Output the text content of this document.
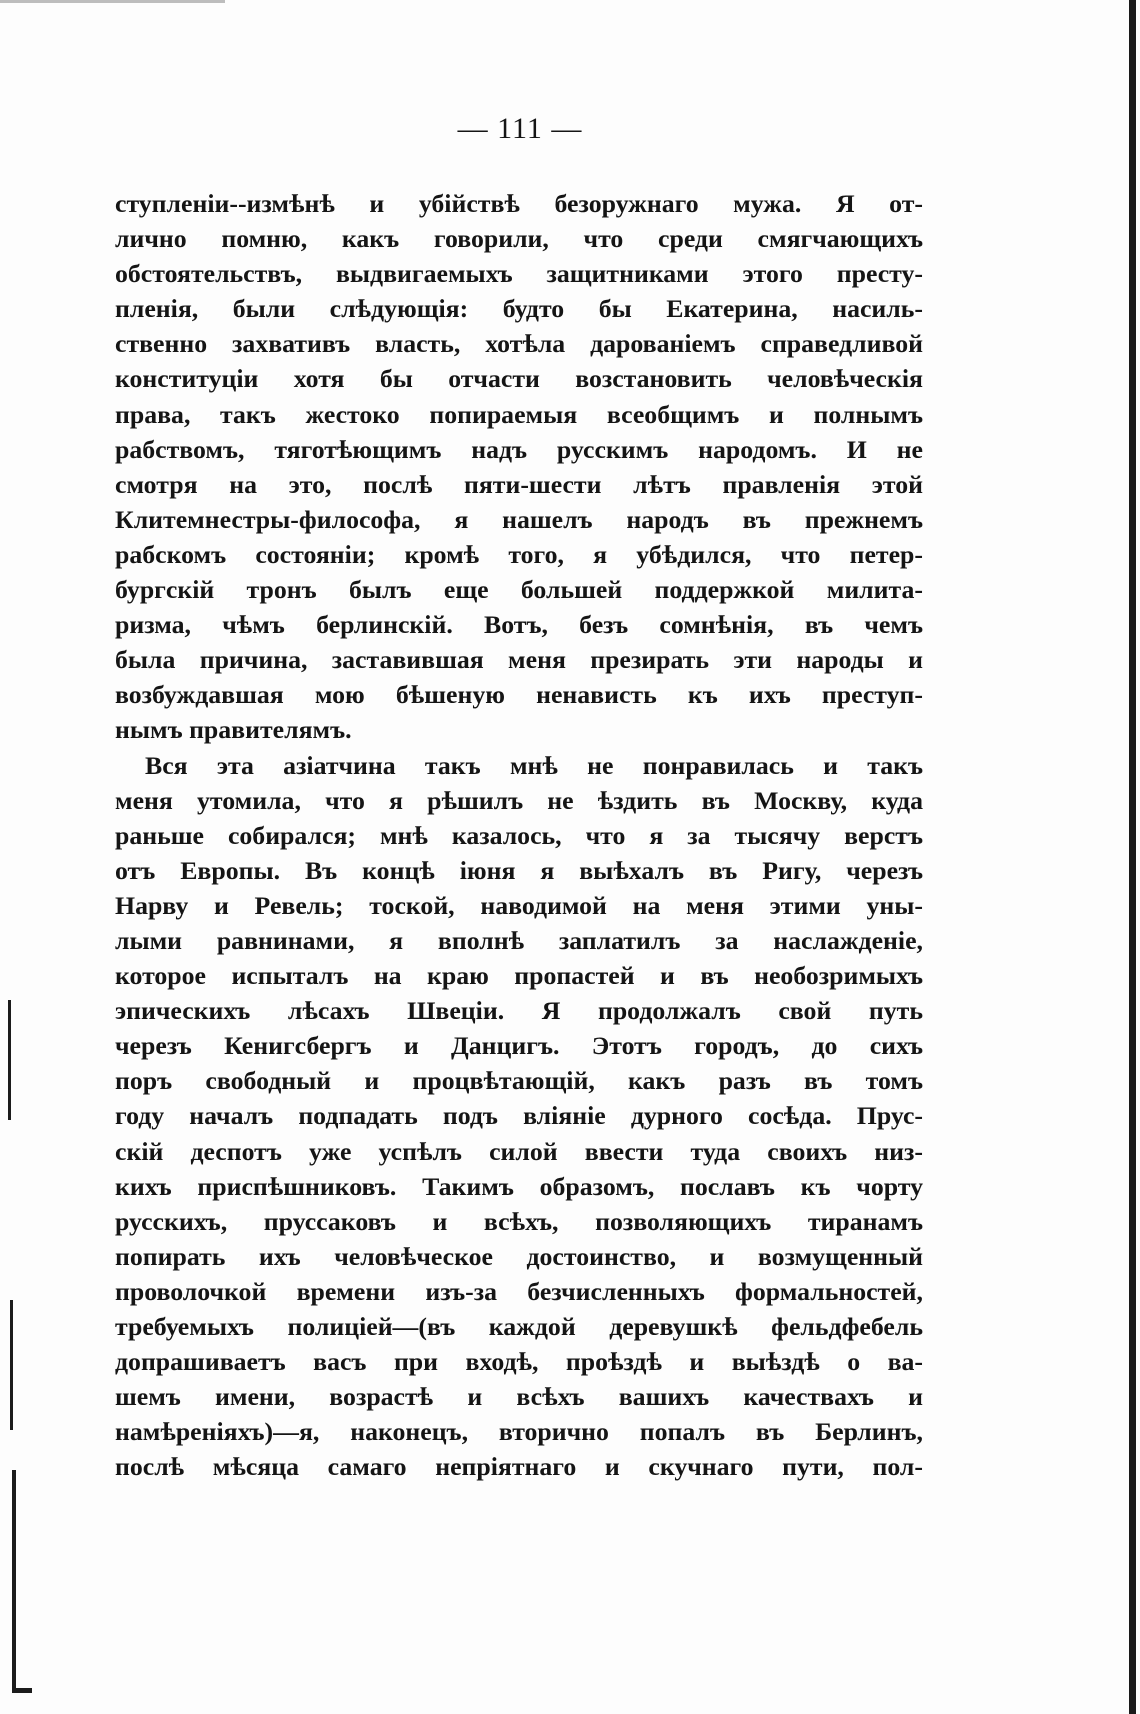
— 111 —
ступленіи--измѣнѣ и убійствѣ безоружнаго мужа. Я от-
лично помню, какъ говорили, что среди смягчающихъ
обстоятельствъ, выдвигаемыхъ защитниками этого престу-
пленія, были слѣдующія: будто бы Екатерина, насиль-
ственно захвативъ власть, хотѣла дарованіемъ справедливой
конституціи хотя бы отчасти возстановить человѣческія
права, такъ жестоко попираемыя всеобщимъ и полнымъ
рабствомъ, тяготѣющимъ надъ русскимъ народомъ. И не
смотря на это, послѣ пяти-шести лѣтъ правленія этой
Клитемнестры-философа, я нашелъ народъ въ прежнемъ
рабскомъ состояніи; кромѣ того, я убѣдился, что петер-
бургскій тронъ былъ еще большей поддержкой милита-
ризма, чѣмъ берлинскій. Вотъ, безъ сомнѣнія, въ чемъ
была причина, заставившая меня презирать эти народы и
возбуждавшая мою бѣшеную ненависть къ ихъ преступ-
нымъ правителямъ.
Вся эта азіатчина такъ мнѣ не понравилась и такъ
меня утомила, что я рѣшилъ не ѣздить въ Москву, куда
раньше собирался; мнѣ казалось, что я за тысячу верстъ
отъ Европы. Въ концѣ іюня я выѣхалъ въ Ригу, черезъ
Нарву и Ревель; тоской, наводимой на меня этими уны-
лыми равнинами, я вполнѣ заплатилъ за наслажденіе,
которое испыталъ на краю пропастей и въ необозримыхъ
эпическихъ лѣсахъ Швеціи. Я продолжалъ свой путь
черезъ Кенигсбергъ и Данцигъ. Этотъ городъ, до сихъ
поръ свободный и процвѣтающій, какъ разъ въ томъ
году началъ подпадать подъ вліяніе дурного сосѣда. Прус-
скій деспотъ уже успѣлъ силой ввести туда своихъ низ-
кихъ приспѣшниковъ. Такимъ образомъ, пославъ къ чорту
русскихъ, пруссаковъ и всѣхъ, позволяющихъ тиранамъ
попирать ихъ человѣческое достоинство, и возмущенный
проволочкой времени изъ-за безчисленныхъ формальностей,
требуемыхъ полиціей—(въ каждой деревушкѣ фельдфебель
допрашиваетъ васъ при входѣ, проѣздѣ и выѣздѣ о ва-
шемъ имени, возрастѣ и всѣхъ вашихъ качествахъ и
намѣреніяхъ)—я, наконецъ, вторично попалъ въ Берлинъ,
послѣ мѣсяца самаго непріятнаго и скучнаго пути, пол-
